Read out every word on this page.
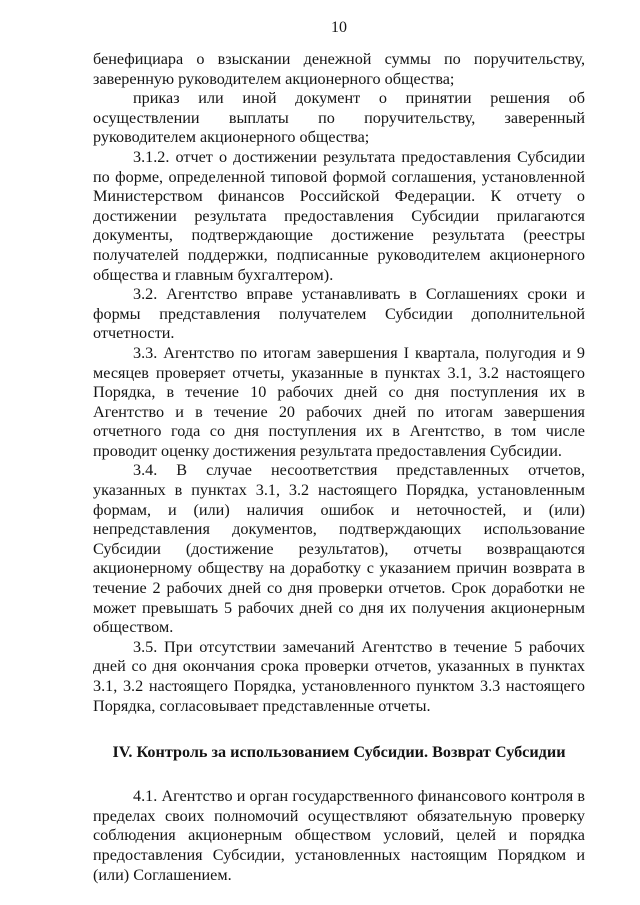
10

бенефициара о взыскании денежной суммы по поручительству, заверенную руководителем акционерного общества;

приказ или иной документ о принятии решения об осуществлении выплаты по поручительству, заверенный руководителем акционерного общества;

3.1.2. отчет о достижении результата предоставления Субсидии по форме, определенной типовой формой соглашения, установленной Министерством финансов Российской Федерации. К отчету о достижении результата предоставления Субсидии прилагаются документы, подтверждающие достижение результата (реестры получателей поддержки, подписанные руководителем акционерного общества и главным бухгалтером).

3.2. Агентство вправе устанавливать в Соглашениях сроки и формы представления получателем Субсидии дополнительной отчетности.

3.3. Агентство по итогам завершения I квартала, полугодия и 9 месяцев проверяет отчеты, указанные в пунктах 3.1, 3.2 настоящего Порядка, в течение 10 рабочих дней со дня поступления их в Агентство и в течение 20 рабочих дней по итогам завершения отчетного года со дня поступления их в Агентство, в том числе проводит оценку достижения результата предоставления Субсидии.

3.4. В случае несоответствия представленных отчетов, указанных в пунктах 3.1, 3.2 настоящего Порядка, установленным формам, и (или) наличия ошибок и неточностей, и (или) непредставления документов, подтверждающих использование Субсидии (достижение результатов), отчеты возвращаются акционерному обществу на доработку с указанием причин возврата в течение 2 рабочих дней со дня проверки отчетов. Срок доработки не может превышать 5 рабочих дней со дня их получения акционерным обществом.

3.5. При отсутствии замечаний Агентство в течение 5 рабочих дней со дня окончания срока проверки отчетов, указанных в пунктах 3.1, 3.2 настоящего Порядка, установленного пунктом 3.3 настоящего Порядка, согласовывает представленные отчеты.

IV. Контроль за использованием Субсидии. Возврат Субсидии

4.1. Агентство и орган государственного финансового контроля в пределах своих полномочий осуществляют обязательную проверку соблюдения акционерным обществом условий, целей и порядка предоставления Субсидии, установленных настоящим Порядком и (или) Соглашением.
